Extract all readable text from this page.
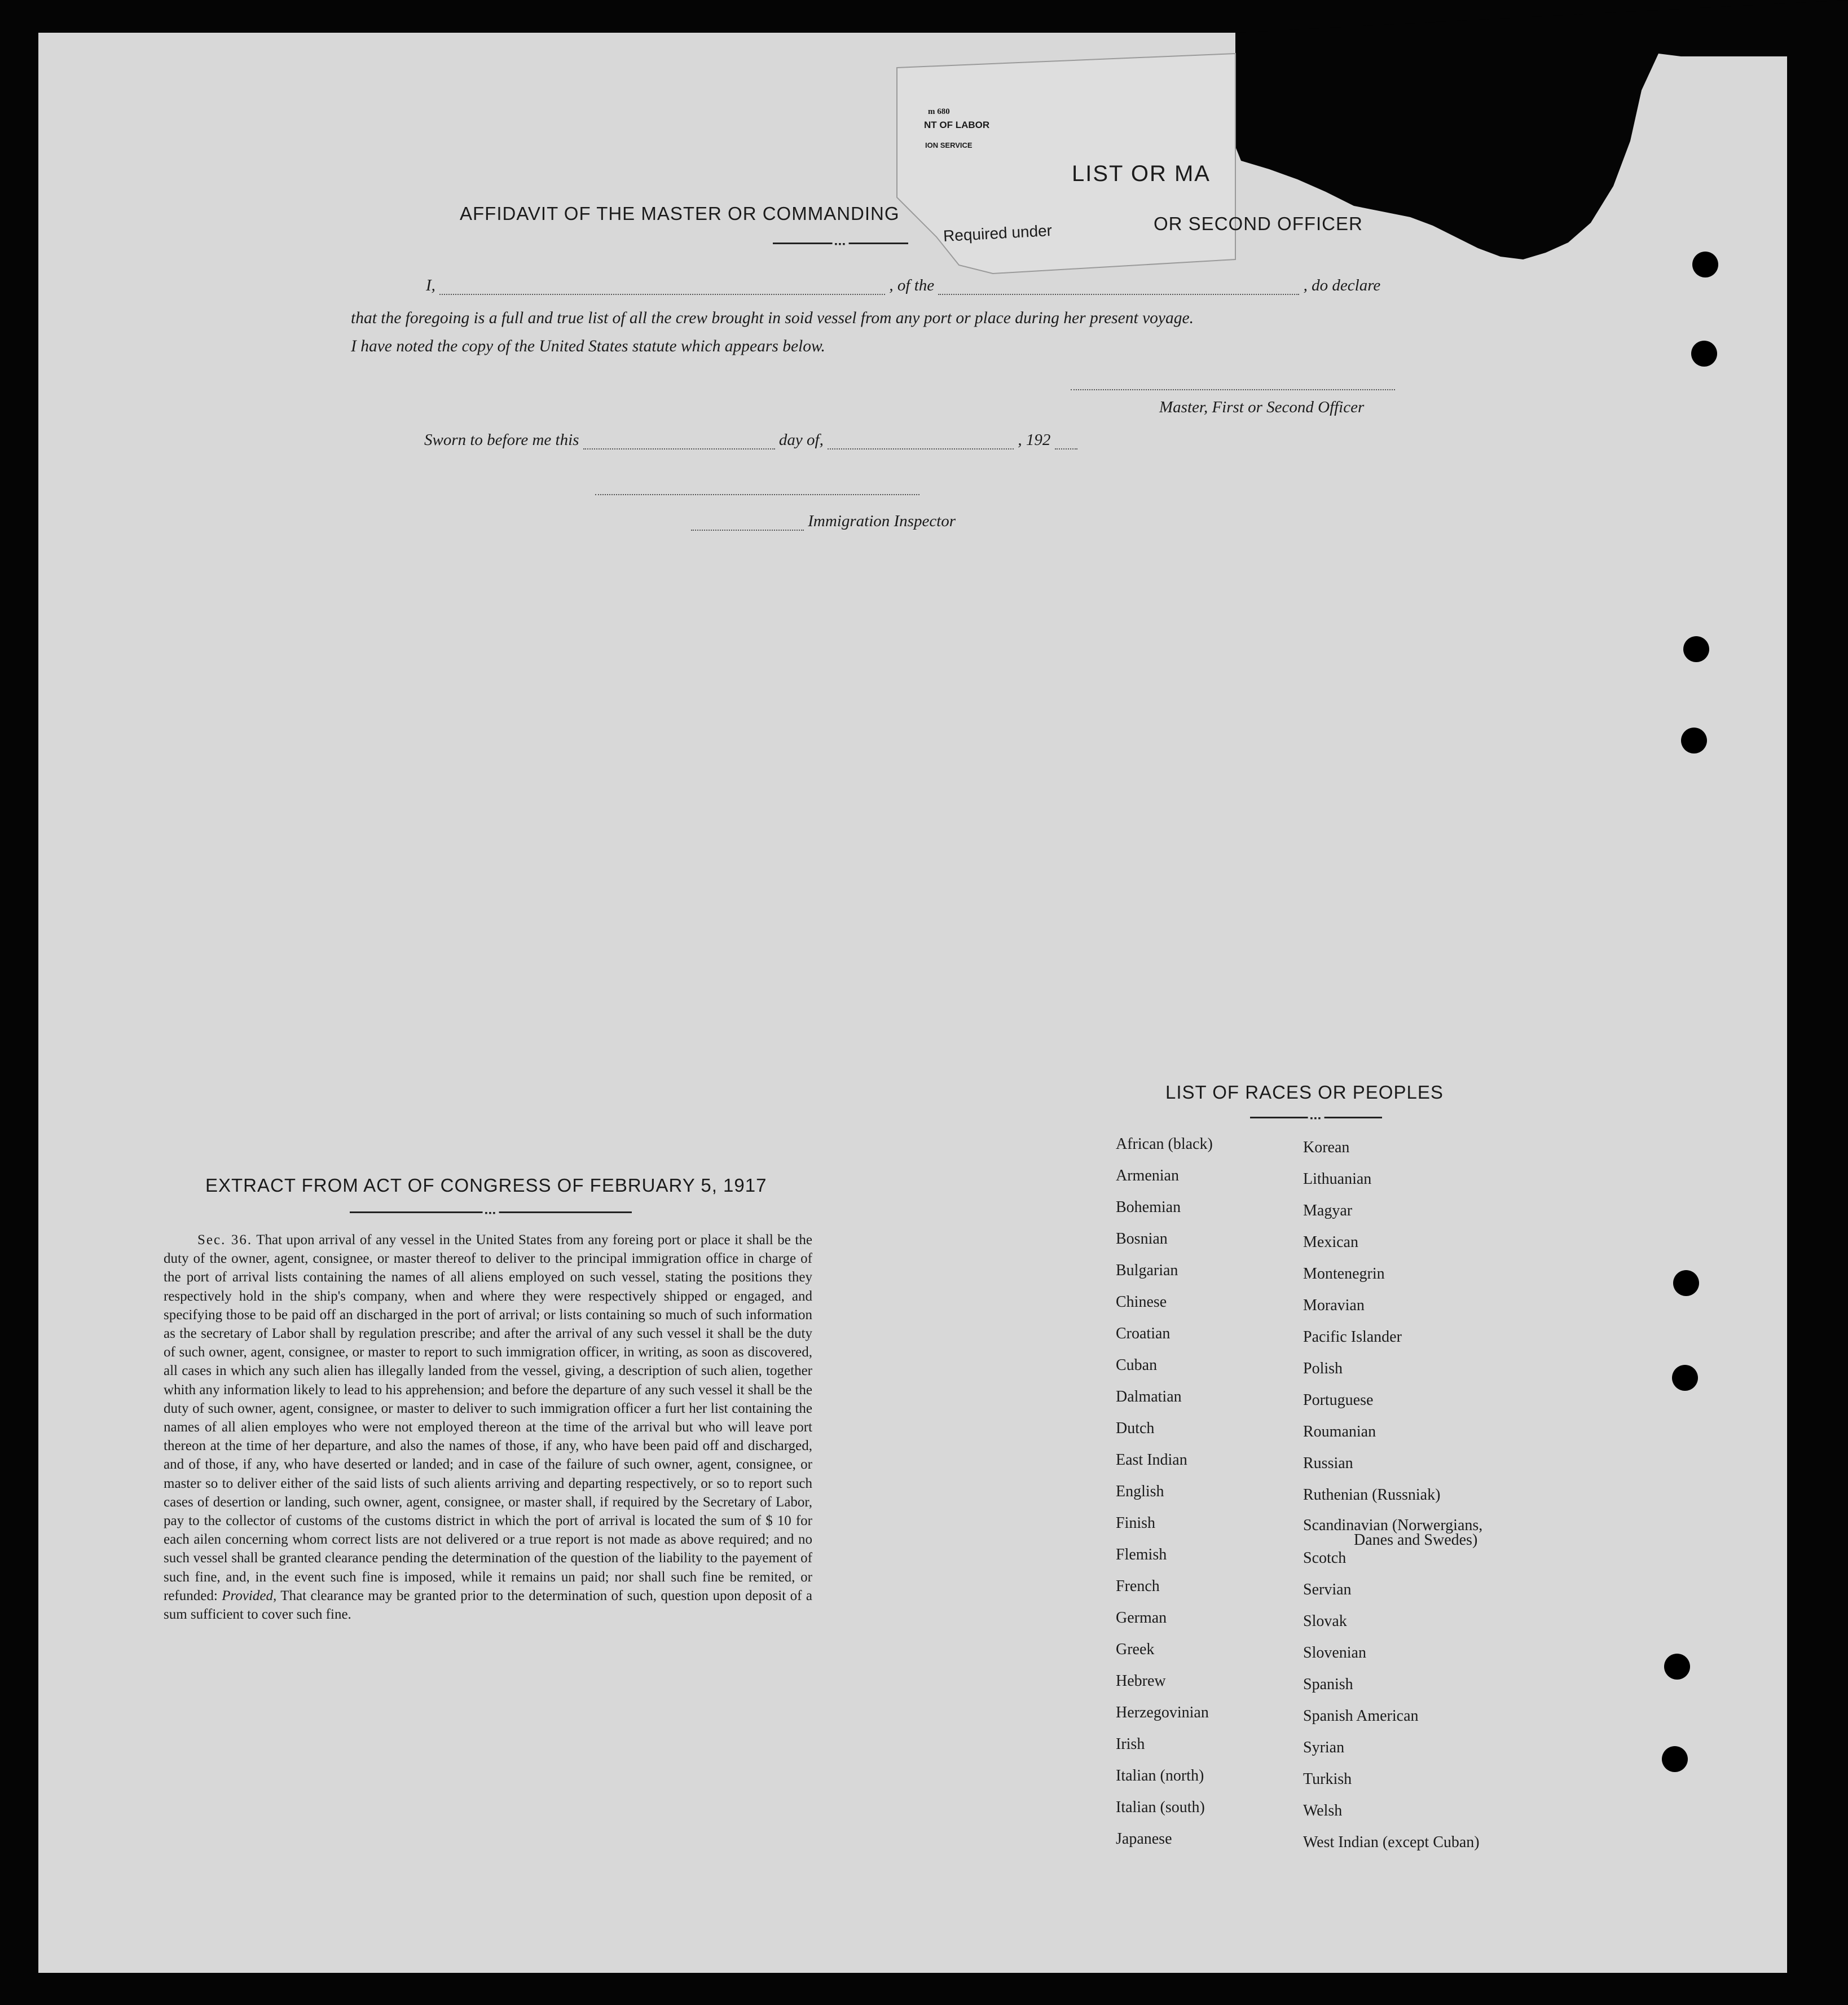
m 680
NT OF LABOR
ION SERVICE
LIST OR MA
Required under	OR SECOND OFFICER
AFFIDAVIT OF THE MASTER OR COMMANDING
▪▪▪
I,	, of the	, do declare
that the foregoing is a full and true list of all the crew brought in soid vessel from any port or place during her present voyage.
I have noted the copy of the United States statute which appears below.
Master, First or Second Officer
Sworn to before me this	day of,	, 192
Immigration Inspector
EXTRACT FROM ACT OF CONGRESS OF FEBRUARY 5, 1917
▪▪▪
Sec. 36. That upon arrival of any vessel in the United States from any foreing port or place it shall be the duty of the owner, agent, consignee, or master thereof to deliver to the principal immigration office in charge of the port of arrival lists containing the names of all aliens employed on such vessel, stating the positions they respectively hold in the ship's company, when and where they were respectively shipped or engaged, and specifying those to be paid off an discharged in the port of arrival; or lists containing so much of such information as the secretary of Labor shall by regulation prescribe; and after the arrival of any such vessel it shall be the duty of such owner, agent, consignee, or master to report to such immigration officer, in writing, as soon as discovered, all cases in which any such alien has illegally landed from the vessel, giving, a description of such alien, together whith any information likely to lead to his apprehension; and before the departure of any such vessel it shall be the duty of such owner, agent, consignee, or master to deliver to such immigration officer a furt her list containing the names of all alien employes who were not employed thereon at the time of the arrival but who will leave port thereon at the time of her departure, and also the names of those, if any, who have been paid off and discharged, and of those, if any, who have deserted or landed; and in case of the failure of such owner, agent, consignee, or master so to deliver either of the said lists of such alients arriving and departing respectively, or so to report such cases of desertion or landing, such owner, agent, consignee, or master shall, if required by the Secretary of Labor, pay to the collector of customs of the customs district in which the port of arrival is located the sum of $ 10 for each ailen concerning whom correct lists are not delivered or a true report is not made as above required; and no such vessel shall be granted clearance pending the determination of the question of the liability to the payement of such fine, and, in the event such fine is imposed, while it remains un paid; nor shall such fine be remited, or refunded: Provided, That clearance may be granted prior to the determination of such, question upon deposit of a sum sufficient to cover such fine.
LIST OF RACES OR PEOPLES
▪▪▪
African (black)
Armenian
Bohemian
Bosnian
Bulgarian
Chinese
Croatian
Cuban
Dalmatian
Dutch
East Indian
English
Finish
Flemish
French
German
Greek
Hebrew
Herzegovinian
Irish
Italian (north)
Italian (south)
Japanese
Korean
Lithuanian
Magyar
Mexican
Montenegrin
Moravian
Pacific Islander
Polish
Portuguese
Roumanian
Russian
Ruthenian (Russniak)
Scandinavian (Norwergians,
Danes and Swedes)
Scotch
Servian
Slovak
Slovenian
Spanish
Spanish American
Syrian
Turkish
Welsh
West Indian (except Cuban)
